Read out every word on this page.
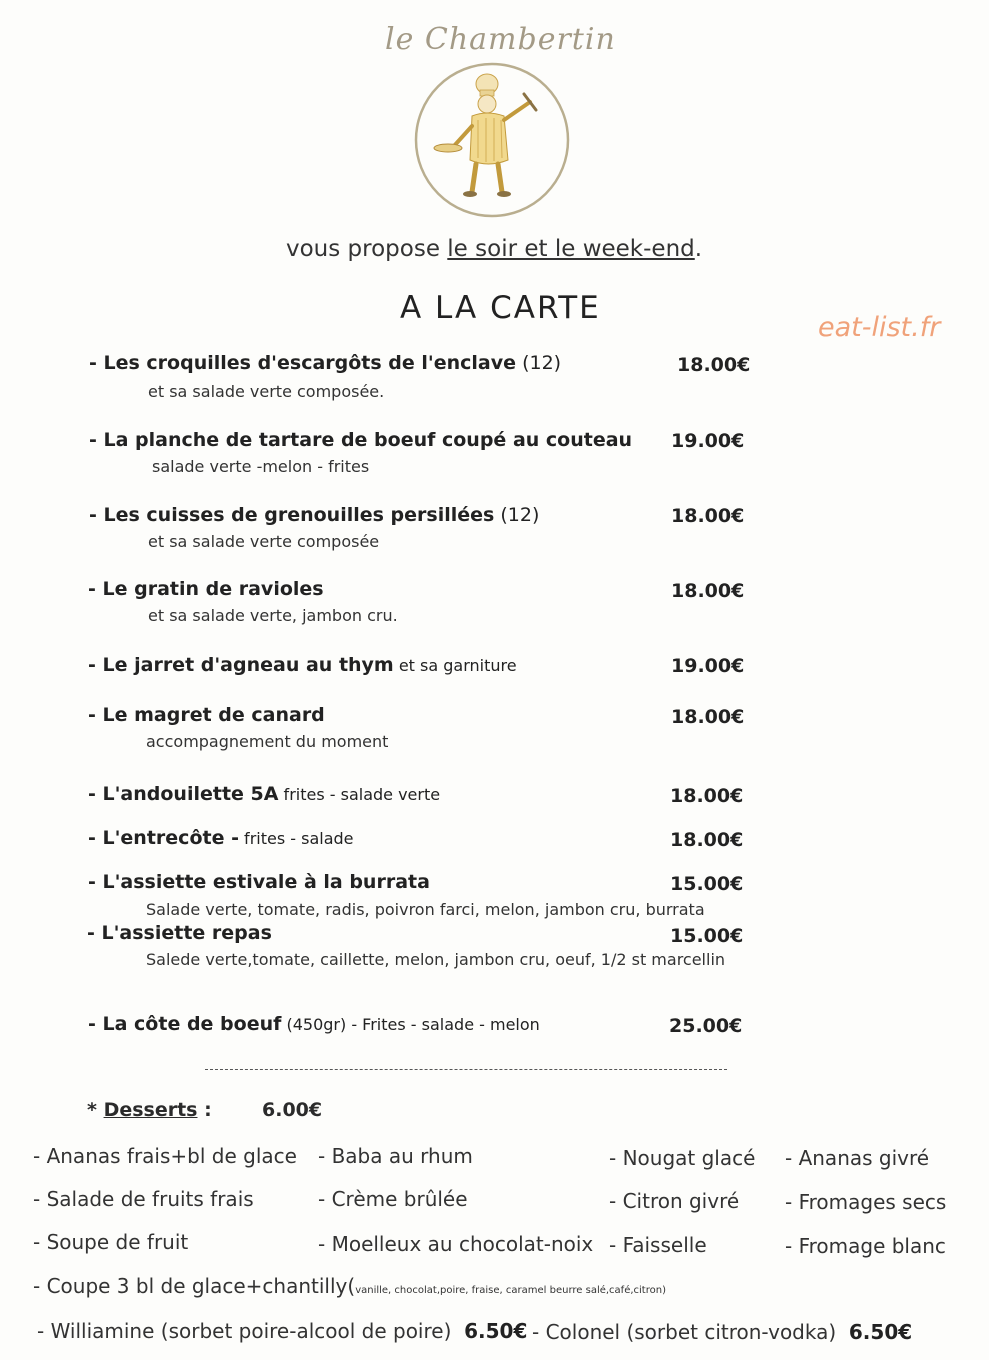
le Chambertin
vous propose le soir et le week-end.
A LA CARTE
eat-list.fr
- Les croquilles d'escargôts de l'enclave (12)
et sa salade verte composée.
18.00€
- La planche de tartare de boeuf coupé au couteau
salade verte -melon - frites
19.00€
- Les cuisses de grenouilles persillées (12)
et sa salade verte composée
18.00€
- Le gratin de ravioles
et sa salade verte, jambon cru.
18.00€
- Le jarret d'agneau au thym et sa garniture	19.00€
- Le magret de canard
accompagnement du moment
18.00€
- L'andouilette 5A frites - salade verte	18.00€
- L'entrecôte - frites - salade	18.00€
- L'assiette estivale à la burrata
Salade verte, tomate, radis, poivron farci, melon, jambon cru, burrata
15.00€
- L'assiette repas
Salede verte,tomate, caillette, melon, jambon cru, oeuf, 1/2 st marcellin
15.00€
- La côte de boeuf (450gr) - Frites - salade - melon	25.00€
* Desserts :	6.00€
- Ananas frais+bl de glace - Baba au rhum	- Nougat glacé - Ananas givré
- Salade de fruits frais	- Crème brûlée	- Citron givré - Fromages secs
- Soupe de fruit	- Moelleux au chocolat-noix - Faisselle	- Fromage blanc
- Coupe 3 bl de glace+chantilly(vanille, chocolat,poire, fraise, caramel beurre salé,café,citron)
- Williamine (sorbet poire-alcool de poire) 6.50€ - Colonel (sorbet citron-vodka) 6.50€
